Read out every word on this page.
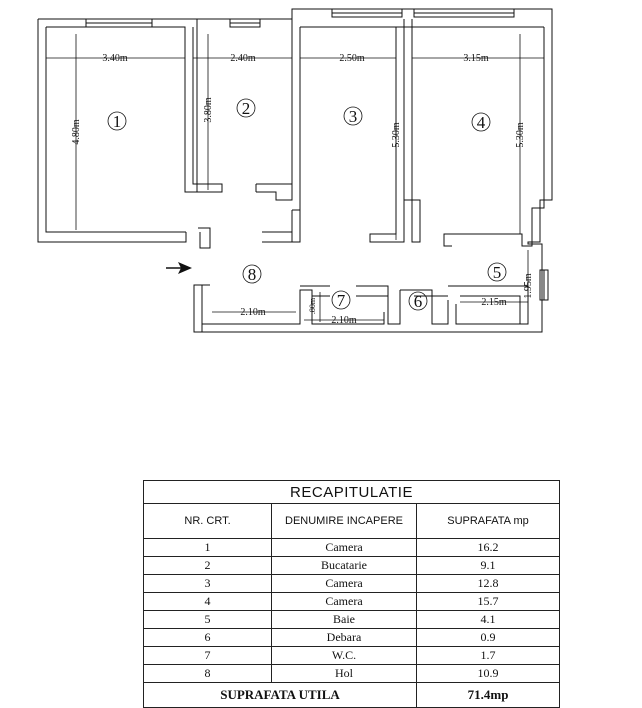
3.40m
4.80m
2.40m
3.80m
2.50m
5.30m
3.15m
5.30m
2.10m
2.10m
.80m	2.15m
1.95m
1
2	3	4
5
6
7
8
RECAPITULATIE		
NR. CRT.	DENUMIRE INCAPERE	SUPRAFATA mp
1	Camera	16.2
2	Bucatarie	9.1
3	Camera	12.8
4	Camera	15.7
5	Baie	4.1
6	Debara	0.9
7	W.C.	1.7
8	Hol	10.9
SUPRAFATA UTILA		71.4mp
